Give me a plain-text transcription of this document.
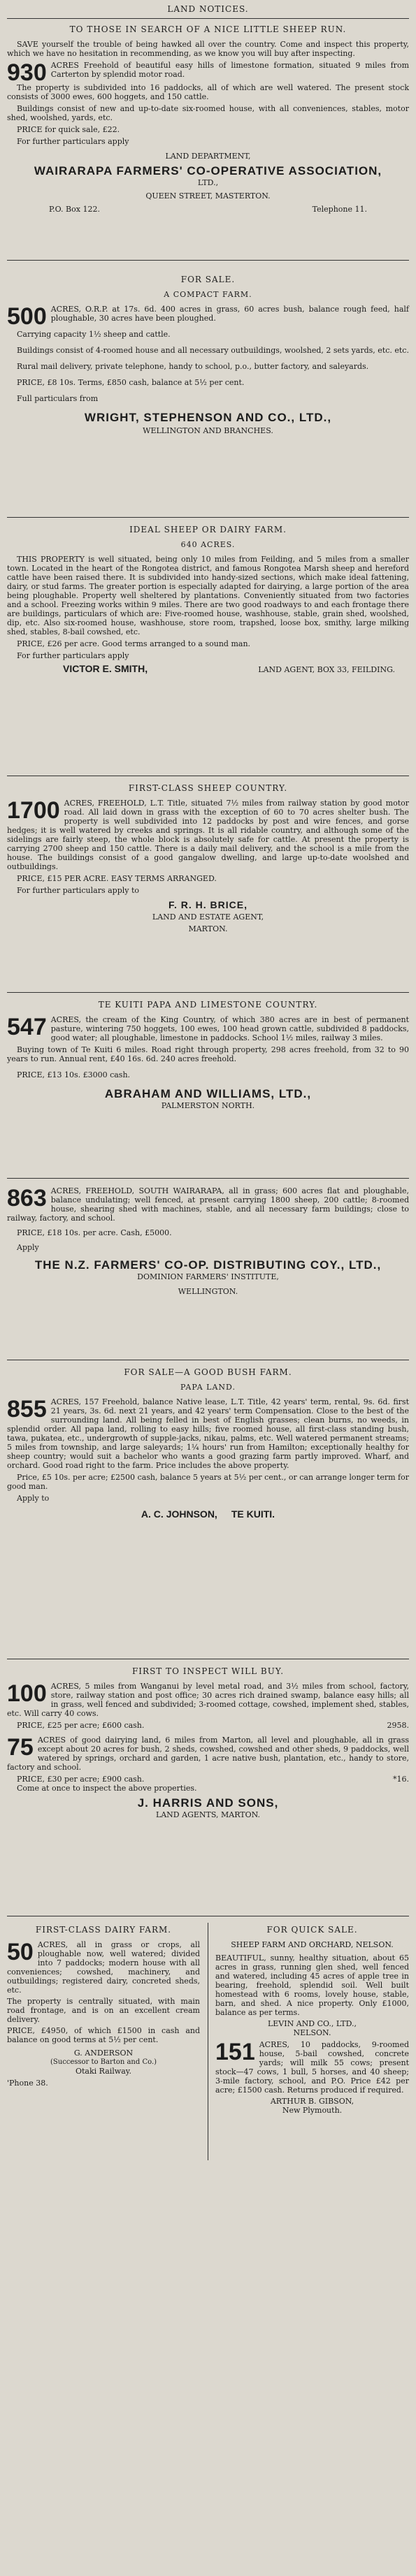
LAND NOTICES.
TO THOSE IN SEARCH OF A NICE LITTLE SHEEP RUN.

SAVE yourself the trouble of being hawked all over the country. Come and inspect this property, which we have no hesitation in recommending, as we know you will buy after inspecting.

930 ACRES Freehold of beautiful easy hills of limestone formation, situated 9 miles from Carterton by splendid motor road.

The property is subdivided into 16 paddocks, all of which are well watered. The present stock consists of 3000 ewes, 600 hoggets, and 150 cattle.

Buildings consist of new and up-to-date six-roomed house, with all conveniences, stables, motor shed, woolshed, yards, etc.

PRICE for quick sale, £22.

For further particulars apply

LAND DEPARTMENT,
WAIRARAPA FARMERS' CO-OPERATIVE ASSOCIATION,
LTD.,
QUEEN STREET, MASTERTON.
P.O. Box 122.	Telephone 11.
FOR SALE.
A COMPACT FARM.

500 ACRES, O.R.P. at 17s. 6d. 400 acres in grass, 60 acres bush, balance rough feed, half ploughable, 30 acres have been ploughed.

Carrying capacity 1½ sheep and cattle.

Buildings consist of 4-roomed house and all necessary outbuildings, woolshed, 2 sets yards, etc. etc.

Rural mail delivery, private telephone, handy to school, p.o., butter factory, and saleyards.

PRICE, £8 10s. Terms, £850 cash, balance at 5½ per cent.

Full particulars from

WRIGHT, STEPHENSON AND CO., LTD.,
WELLINGTON AND BRANCHES.
IDEAL SHEEP OR DAIRY FARM.
640 ACRES.

THIS PROPERTY is well situated, being only 10 miles from Feilding, and 5 miles from a smaller town. Located in the heart of the Rongotea district, and famous Rongotea Marsh sheep and hereford cattle have been raised there. It is subdivided into handy-sized sections, which make ideal fattening, dairy, or stud farms. The greater portion is especially adapted for dairying, a large portion of the area being ploughable. Property well sheltered by plantations. Conveniently situated from two factories and a school. Freezing works within 9 miles. There are two good roadways to and each frontage there are buildings, particulars of which are: Five-roomed house, washhouse, stable, grain shed, woolshed, dip, etc. Also six-roomed house, washhouse, store room, trapshed, loose box, smithy, large milking shed, stables, 8-bail cowshed, etc.

PRICE, £26 per acre. Good terms arranged to a sound man.

For further particulars apply

VICTOR E. SMITH,	LAND AGENT, BOX 33, FEILDING.
FIRST-CLASS SHEEP COUNTRY.

1700 ACRES, FREEHOLD, L.T. Title, situated 7½ miles from railway station by good motor road. All laid down in grass with the exception of 60 to 70 acres shelter bush. The property is well subdivided into 12 paddocks by post and wire fences, and gorse hedges; it is well watered by creeks and springs. It is all ridable country, and although some of the sidelings are fairly steep, the whole block is absolutely safe for cattle. At present the property is carrying 2700 sheep and 150 cattle. There is a daily mail delivery, and the school is a mile from the house. The buildings consist of a good gangalow dwelling, and large up-to-date woolshed and outbuildings.

PRICE, £15 PER ACRE. EASY TERMS ARRANGED.

For further particulars apply to

F. R. H. BRICE,
LAND AND ESTATE AGENT,
MARTON.
TE KUITI PAPA AND LIMESTONE COUNTRY.

547 ACRES, the cream of the King Country, of which 380 acres are in best of permanent pasture, wintering 750 hoggets, 100 ewes, 100 head grown cattle, subdivided 8 paddocks, good water; all ploughable, limestone in paddocks. School 1½ miles, railway 3 miles.

Buying town of Te Kuiti 6 miles. Road right through property, 298 acres freehold, from 32 to 90 years to run. Annual rent, £40 16s. 6d. 240 acres freehold.

PRICE, £13 10s. £3000 cash.

ABRAHAM AND WILLIAMS, LTD.,
PALMERSTON NORTH.

863 ACRES, FREEHOLD, SOUTH WAIRARAPA, all in grass; 600 acres flat and ploughable, balance undulating; well fenced, at present carrying 1800 sheep, 200 cattle; 8-roomed house, shearing shed with machines, stable, and all necessary farm buildings; close to railway, factory, and school.

PRICE, £18 10s. per acre. Cash, £5000.

Apply

THE N.Z. FARMERS' CO-OP. DISTRIBUTING COY., LTD.,
DOMINION FARMERS' INSTITUTE,
WELLINGTON.
FOR SALE—A GOOD BUSH FARM.
PAPA LAND.

855 ACRES, 157 Freehold, balance Native lease, L.T. Title, 42 years' term, rental, 9s. 6d. first 21 years, 3s. 6d. next 21 years, and 42 years' term Compensation. Close to the best of the surrounding land. All being felled in best of English grasses; clean burns, no weeds, in splendid order. All papa land, rolling to easy hills; five roomed house, all first-class standing bush, tawa, pukatea, etc., undergrowth of supple-jacks, nikau, palms, etc. Well watered permanent streams; 5 miles from township, and large saleyards; 1¼ hours' run from Hamilton; exceptionally healthy for sheep country; would suit a bachelor who wants a good grazing farm partly improved. Wharf, and orchard. Good road right to the farm. Price includes the above property.

Price, £5 10s. per acre; £2500 cash, balance 5 years at 5½ per cent., or can arrange longer term for good man.

Apply to

A. C. JOHNSON, TE KUITI.
FIRST TO INSPECT WILL BUY.

100 ACRES, 5 miles from Wanganui by level metal road, and 3½ miles from school, factory, store, railway station and post office; 30 acres rich drained swamp, balance easy hills; all in grass, well fenced and subdivided; 3-roomed cottage, cowshed, implement shed, stables, etc. Will carry 40 cows.

PRICE, £25 per acre; £600 cash.	2958.

75 ACRES of good dairying land, 6 miles from Marton, all level and ploughable, all in grass except about 20 acres for bush, 2 sheds, cowshed, cowshed and other sheds, 9 paddocks, well watered by springs, orchard and garden, 1 acre native bush, plantation, etc., handy to store, factory and school.

PRICE, £30 per acre; £900 cash.	*16.

Come at once to inspect the above properties.

J. HARRIS AND SONS,
LAND AGENTS, MARTON.
FIRST-CLASS DAIRY FARM.

50 ACRES, all in grass or crops, all ploughable now, well watered; divided into 7 paddocks; modern house with all conveniences; cowshed, machinery, and outbuildings; registered dairy, concreted sheds, etc.

The property is centrally situated, with main road frontage, and is on an excellent cream delivery.

PRICE, £4950, of which £1500 in cash and balance on good terms at 5½ per cent.

G. ANDERSON
(Successor to Barton and Co.)
Otaki Railway.
'Phone 38.
FOR QUICK SALE.
SHEEP FARM AND ORCHARD, NELSON.

BEAUTIFUL, sunny, healthy situation, about 65 acres in grass, running glen shed, well fenced and watered, including 45 acres of apple tree in bearing, freehold, splendid soil. Well built homestead with 6 rooms, lovely house, stable, barn, and shed. A nice property. Only £1000, balance as per terms.

LEVIN AND CO., LTD.,
NELSON.

151 ACRES, 10 paddocks, 9-roomed house, 5-bail cowshed, concrete yards; will milk 55 cows; present stock—47 cows, 1 bull, 5 horses, and 40 sheep; 3-mile factory, school, and P.O. Price £42 per acre; £1500 cash. Returns produced if required.

ARTHUR B. GIBSON,
New Plymouth.
